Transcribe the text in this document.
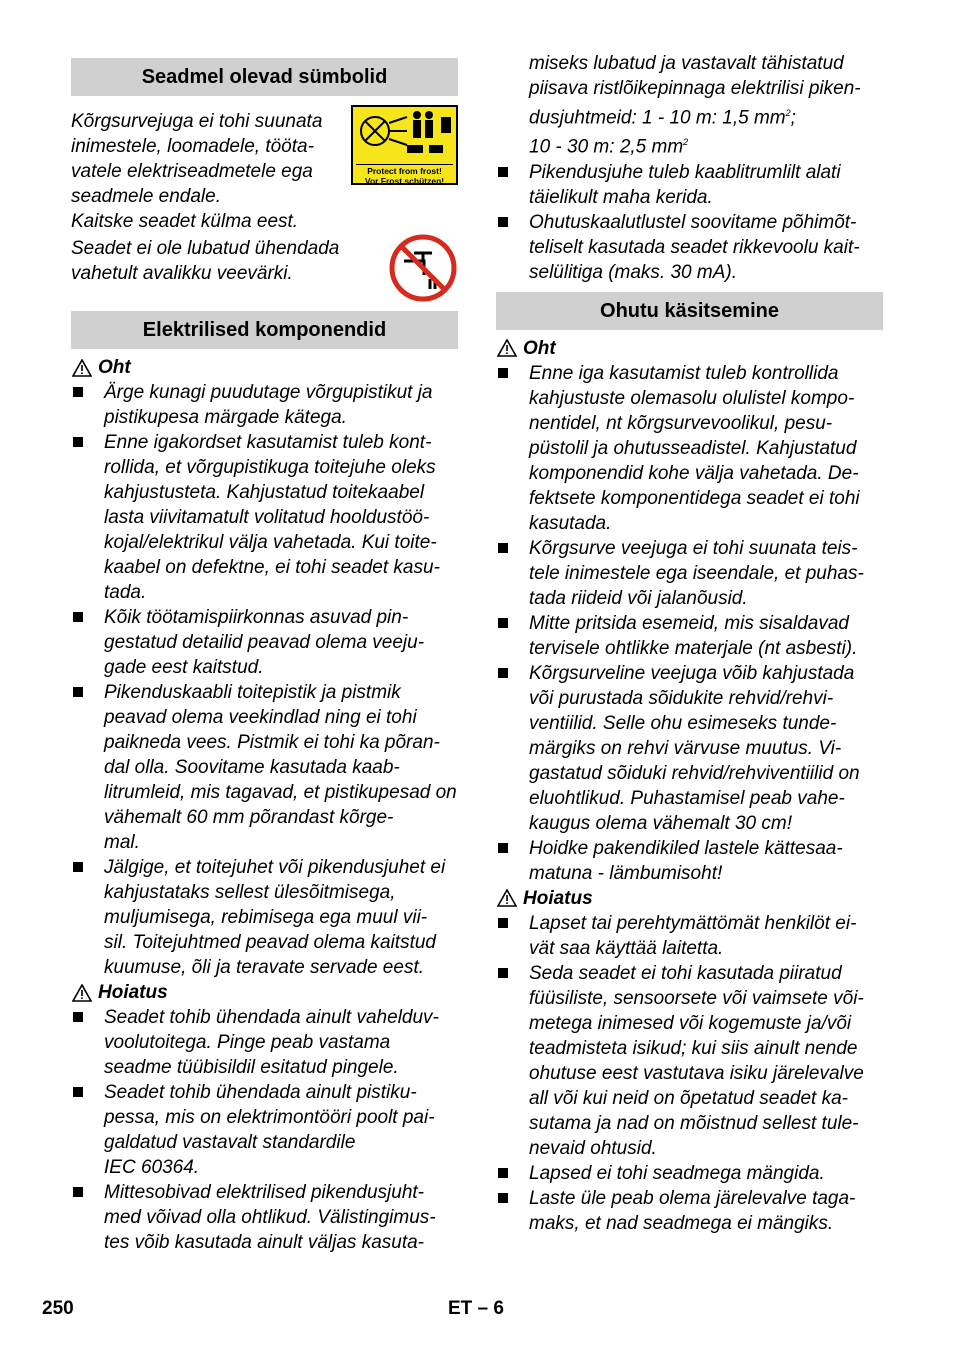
Seadmel olevad sümbolid
Kõrgsurvejuga ei tohi suunata
inimestele, loomadele, tööta-
vatele elektriseadmetele ega
seadmele endale.
Kaitske seadet külma eest.
Protect from frost!
Vor Frost schützen!
Seadet ei ole lubatud ühendada
vahetult avalikku veevärki.
Elektrilised komponendid
Oht
Ärge kunagi puudutage võrgupistikut ja pistikupesa märgade kätega.
Enne igakordset kasutamist tuleb kont-
rollida, et võrgupistikuga toitejuhe oleks kahjustusteta. Kahjustatud toitekaabel lasta viivitamatult volitatud hooldustöö-
kojal/elektrikul välja vahetada. Kui toite-
kaabel on defektne, ei tohi seadet kasu-
tada.
Kõik töötamispiirkonnas asuvad pin-
gestatud detailid peavad olema veeju-
gade eest kaitstud.
Pikenduskaabli toitepistik ja pistmik peavad olema veekindlad ning ei tohi paikneda vees. Pistmik ei tohi ka põran-
dal olla. Soovitame kasutada kaab-
litrumleid, mis tagavad, et pistikupesad on vähemalt 60 mm põrandast kõrge-
mal.
Jälgige, et toitejuhet või pikendusjuhet ei kahjustataks sellest ülesõitmisega, muljumisega, rebimisega ega muul vii-
sil. Toitejuhtmed peavad olema kaitstud kuumuse, õli ja teravate servade eest.
Hoiatus
Seadet tohib ühendada ainult vahelduv-
voolutoitega. Pinge peab vastama seadme tüübisildil esitatud pingele.
Seadet tohib ühendada ainult pistiku-
pessa, mis on elektrimontööri poolt pai-
galdatud vastavalt standardile
IEC 60364.
Mittesobivad elektrilised pikendusjuht-
med võivad olla ohtlikud. Välistingimus-
tes võib kasutada ainult väljas kasuta-
miseks lubatud ja vastavalt tähistatud
piisava ristlõikepinnaga elektrilisi piken-
dusjuhtmeid: 1 - 10 m: 1,5 $mm^2$;
10 - 30 m: 2,5 $mm^2$
Pikendusjuhe tuleb kaablitrumlilt alati täielikult maha kerida.
Ohutuskaalutlustel soovitame põhimõt-
teliselt kasutada seadet rikkevoolu kait-
selülitiga (maks. 30 mA).
Ohutu käsitsemine
Oht
Enne iga kasutamist tuleb kontrollida kahjustuste olemasolu olulistel kompo-
nentidel, nt kõrgsurvevoolikul, pesu-
püstolil ja ohutusseadistel. Kahjustatud komponendid kohe välja vahetada. De-
fektsete komponentidega seadet ei tohi kasutada.
Kõrgsurve veejuga ei tohi suunata teis-
tele inimestele ega iseendale, et puhas-
tada riideid või jalanõusid.
Mitte pritsida esemeid, mis sisaldavad tervisele ohtlikke materjale (nt asbesti).
Kõrgsurveline veejuga võib kahjustada või purustada sõidukite rehvid/rehvi-
ventiilid. Selle ohu esimeseks tunde-
märgiks on rehvi värvuse muutus. Vi-
gastatud sõiduki rehvid/rehviventiilid on eluohtlikud. Puhastamisel peab vahe-
kaugus olema vähemalt 30 cm!
Hoidke pakendikiled lastele kättesaa-
matuna - lämbumisoht!
Hoiatus
Lapset tai perehtymättömät henkilöt ei-
vät saa käyttää laitetta.
Seda seadet ei tohi kasutada piiratud füüsiliste, sensoorsete või vaimsete või-
metega inimesed või kogemuste ja/või teadmisteta isikud; kui siis ainult nende ohutuse eest vastutava isiku järelevalve all või kui neid on õpetatud seadet ka-
sutama ja nad on mõistnud sellest tule-
nevaid ohtusid.
Lapsed ei tohi seadmega mängida.
Laste üle peab olema järelevalve taga-
maks, et nad seadmega ei mängiks.
250	ET – 6
